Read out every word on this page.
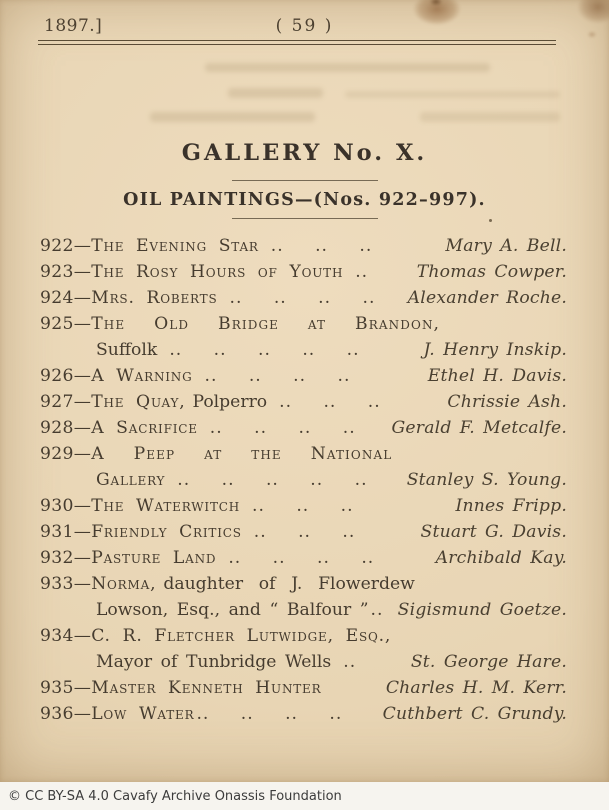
1897.]	( 59 )
GALLERY No. X.
OIL PAINTINGS—(Nos. 922–997).
922— The Evening Star .. .. ..	Mary A. Bell.
923— The Rosy Hours of Youth ..	Thomas Cowper.
924— Mrs. Roberts .. .. .. ..	Alexander Roche.
925— The Old Bridge at Brandon,
Suffolk .. .. .. .. ..	J. Henry Inskip.
926— A Warning .. .. .. ..	Ethel H. Davis.
927— The Quay, Polperro .. .. ..	Chrissie Ash.
928— A Sacrifice .. .. .. ..	Gerald F. Metcalfe.
929— A Peep at the National
Gallery .. .. .. .. ..	Stanley S. Young.
930— The Waterwitch .. .. ..	Innes Fripp.
931— Friendly Critics .. .. ..	Stuart G. Davis.
932— Pasture Land .. .. .. ..	Archibald Kay.
933— Norma, daughter of J. Flowerdew
Lowson, Esq., and “ Balfour ” .. Sigismund Goetze.
934— C. R. Fletcher Lutwidge, Esq.,
Mayor of Tunbridge Wells ..	St. George Hare.
935— Master Kenneth Hunter	Charles H. M. Kerr.
936— Low Water .. .. .. ..	Cuthbert C. Grundy.
© CC BY-SA 4.0 Cavafy Archive Onassis Foundation
